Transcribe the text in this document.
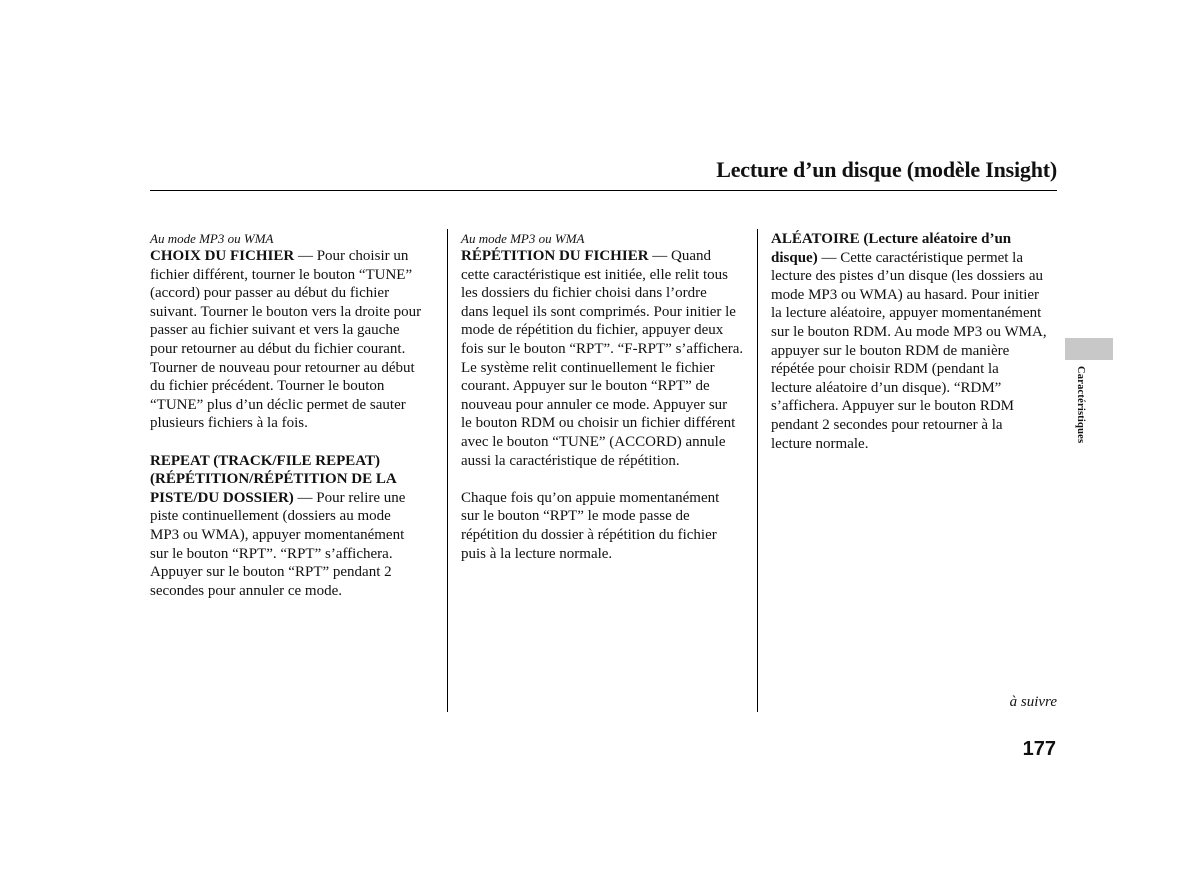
Lecture d’un disque (modèle Insight)
Au mode MP3 ou WMA
CHOIX DU FICHIER — Pour choisir un
fichier différent, tourner le bouton “TUNE”
(accord) pour passer au début du fichier
suivant. Tourner le bouton vers la droite pour
passer au fichier suivant et vers la gauche
pour retourner au début du fichier courant.
Tourner de nouveau pour retourner au début
du fichier précédent. Tourner le bouton
“TUNE” plus d’un déclic permet de sauter
plusieurs fichiers à la fois.
REPEAT (TRACK/FILE REPEAT)
(RÉPÉTITION/RÉPÉTITION DE LA
PISTE/DU DOSSIER) — Pour relire une
piste continuellement (dossiers au mode
MP3 ou WMA), appuyer momentanément
sur le bouton “RPT”. “RPT” s’affichera.
Appuyer sur le bouton “RPT” pendant 2
secondes pour annuler ce mode.
Au mode MP3 ou WMA
RÉPÉTITION DU FICHIER — Quand
cette caractéristique est initiée, elle relit tous
les dossiers du fichier choisi dans l’ordre
dans lequel ils sont comprimés. Pour initier le
mode de répétition du fichier, appuyer deux
fois sur le bouton “RPT”. “F-RPT” s’affichera.
Le système relit continuellement le fichier
courant. Appuyer sur le bouton “RPT” de
nouveau pour annuler ce mode. Appuyer sur
le bouton RDM ou choisir un fichier différent
avec le bouton “TUNE” (ACCORD) annule
aussi la caractéristique de répétition.
Chaque fois qu’on appuie momentanément
sur le bouton “RPT” le mode passe de
répétition du dossier à répétition du fichier
puis à la lecture normale.
ALÉATOIRE (Lecture aléatoire d’un
disque) — Cette caractéristique permet la
lecture des pistes d’un disque (les dossiers au
mode MP3 ou WMA) au hasard. Pour initier
la lecture aléatoire, appuyer momentanément
sur le bouton RDM. Au mode MP3 ou WMA,
appuyer sur le bouton RDM de manière
répétée pour choisir RDM (pendant la
lecture aléatoire d’un disque). “RDM”
s’affichera. Appuyer sur le bouton RDM
pendant 2 secondes pour retourner à la
lecture normale.
Caractéristiques
à suivre
177
